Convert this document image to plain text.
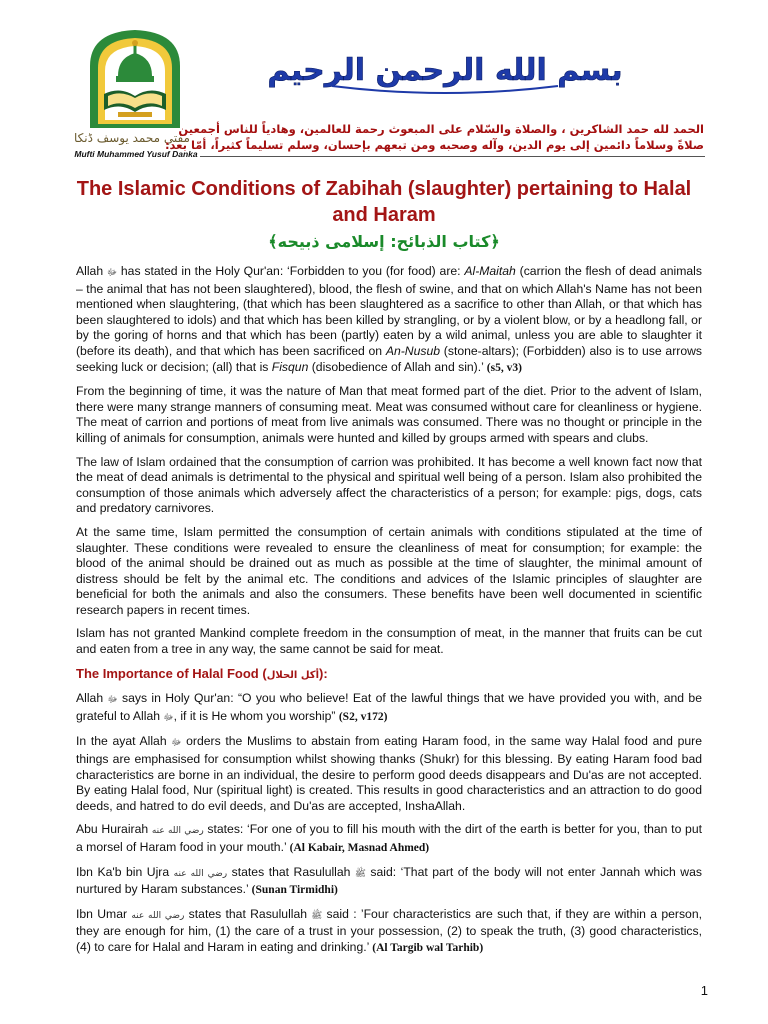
مفتي محمد يوسف ڈنکا
Mufti Muhammed Yusuf Danka
بسم الله الرحمن الرحيم
الحمد لله حمد الشاكرين ، والصلاة والسّلام على المبعوث رحمة للعالمين، وهادياً للناس أجمعين
صلاةً وسلاماً دائمين إلى يوم الدين، وآله وصحبه ومن تبعهم بإحسان، وسلم تسليماً كثيراً، أمّا بعد:
The Islamic Conditions of Zabihah (slaughter) pertaining to Halal and Haram
﴿كتاب الذبائح: إسلامى ذبيحه﴾

Allah ﷻ has stated in the Holy Qur'an: ‘Forbidden to you (for food) are: Al-Maitah (carrion the flesh of dead animals – the animal that has not been slaughtered), blood, the flesh of swine, and that on which Allah's Name has not been mentioned when slaughtering, (that which has been slaughtered as a sacrifice to other than Allah, or that which has been slaughtered to idols) and that which has been killed by strangling, or by a violent blow, or by a headlong fall, or by the goring of horns and that which has been (partly) eaten by a wild animal, unless you are able to slaughter it (before its death), and that which has been sacrificed on An-Nusub (stone-altars); (Forbidden) also is to use arrows seeking luck or decision; (all) that is Fisqun (disobedience of Allah and sin).’ (s5, v3)

From the beginning of time, it was the nature of Man that meat formed part of the diet. Prior to the advent of Islam, there were many strange manners of consuming meat. Meat was consumed without care for cleanliness or hygiene. The meat of carrion and portions of meat from live animals was consumed. There was no thought or principle in the killing of animals for consumption, animals were hunted and killed by groups armed with spears and clubs.

The law of Islam ordained that the consumption of carrion was prohibited. It has become a well known fact now that the meat of dead animals is detrimental to the physical and spiritual well being of a person. Islam also prohibited the consumption of those animals which adversely affect the characteristics of a person; for example: pigs, dogs, cats and predatory carnivores.

At the same time, Islam permitted the consumption of certain animals with conditions stipulated at the time of slaughter. These conditions were revealed to ensure the cleanliness of meat for consumption; for example: the blood of the animal should be drained out as much as possible at the time of slaughter, the minimal amount of distress should be felt by the animal etc. The conditions and advices of the Islamic principles of slaughter are beneficial for both the animals and also the consumers. These benefits have been well documented in scientific research papers in recent times.

Islam has not granted Mankind complete freedom in the consumption of meat, in the manner that fruits can be cut and eaten from a tree in any way, the same cannot be said for meat.

The Importance of Halal Food (أكل الحلال):

Allah ﷻ says in Holy Qur'an: “O you who believe! Eat of the lawful things that we have provided you with, and be grateful to Allah ﷻ, if it is He whom you worship” (S2, v172)

In the ayat Allah ﷻ orders the Muslims to abstain from eating Haram food, in the same way Halal food and pure things are emphasised for consumption whilst showing thanks (Shukr) for this blessing. By eating Haram food bad characteristics are borne in an individual, the desire to perform good deeds disappears and Du'as are not accepted. By eating Halal food, Nur (spiritual light) is created. This results in good characteristics and an attraction to do good deeds, and hatred to do evil deeds, and Du'as are accepted, InshaAllah.

Abu Hurairah رضي الله عنه states: ‘For one of you to fill his mouth with the dirt of the earth is better for you, than to put a morsel of Haram food in your mouth.’ (Al Kabair, Masnad Ahmed)

Ibn Ka'b bin Ujra رضي الله عنه states that Rasulullah ﷺ said: ‘That part of the body will not enter Jannah which was nurtured by Haram substances.’ (Sunan Tirmidhi)

Ibn Umar رضي الله عنه states that Rasulullah ﷺ said : ’Four characteristics are such that, if they are within a person, they are enough for him, (1) the care of a trust in your possession, (2) to speak the truth, (3) good characteristics, (4) to care for Halal and Haram in eating and drinking.’ (Al Targib wal Tarhib)

1
